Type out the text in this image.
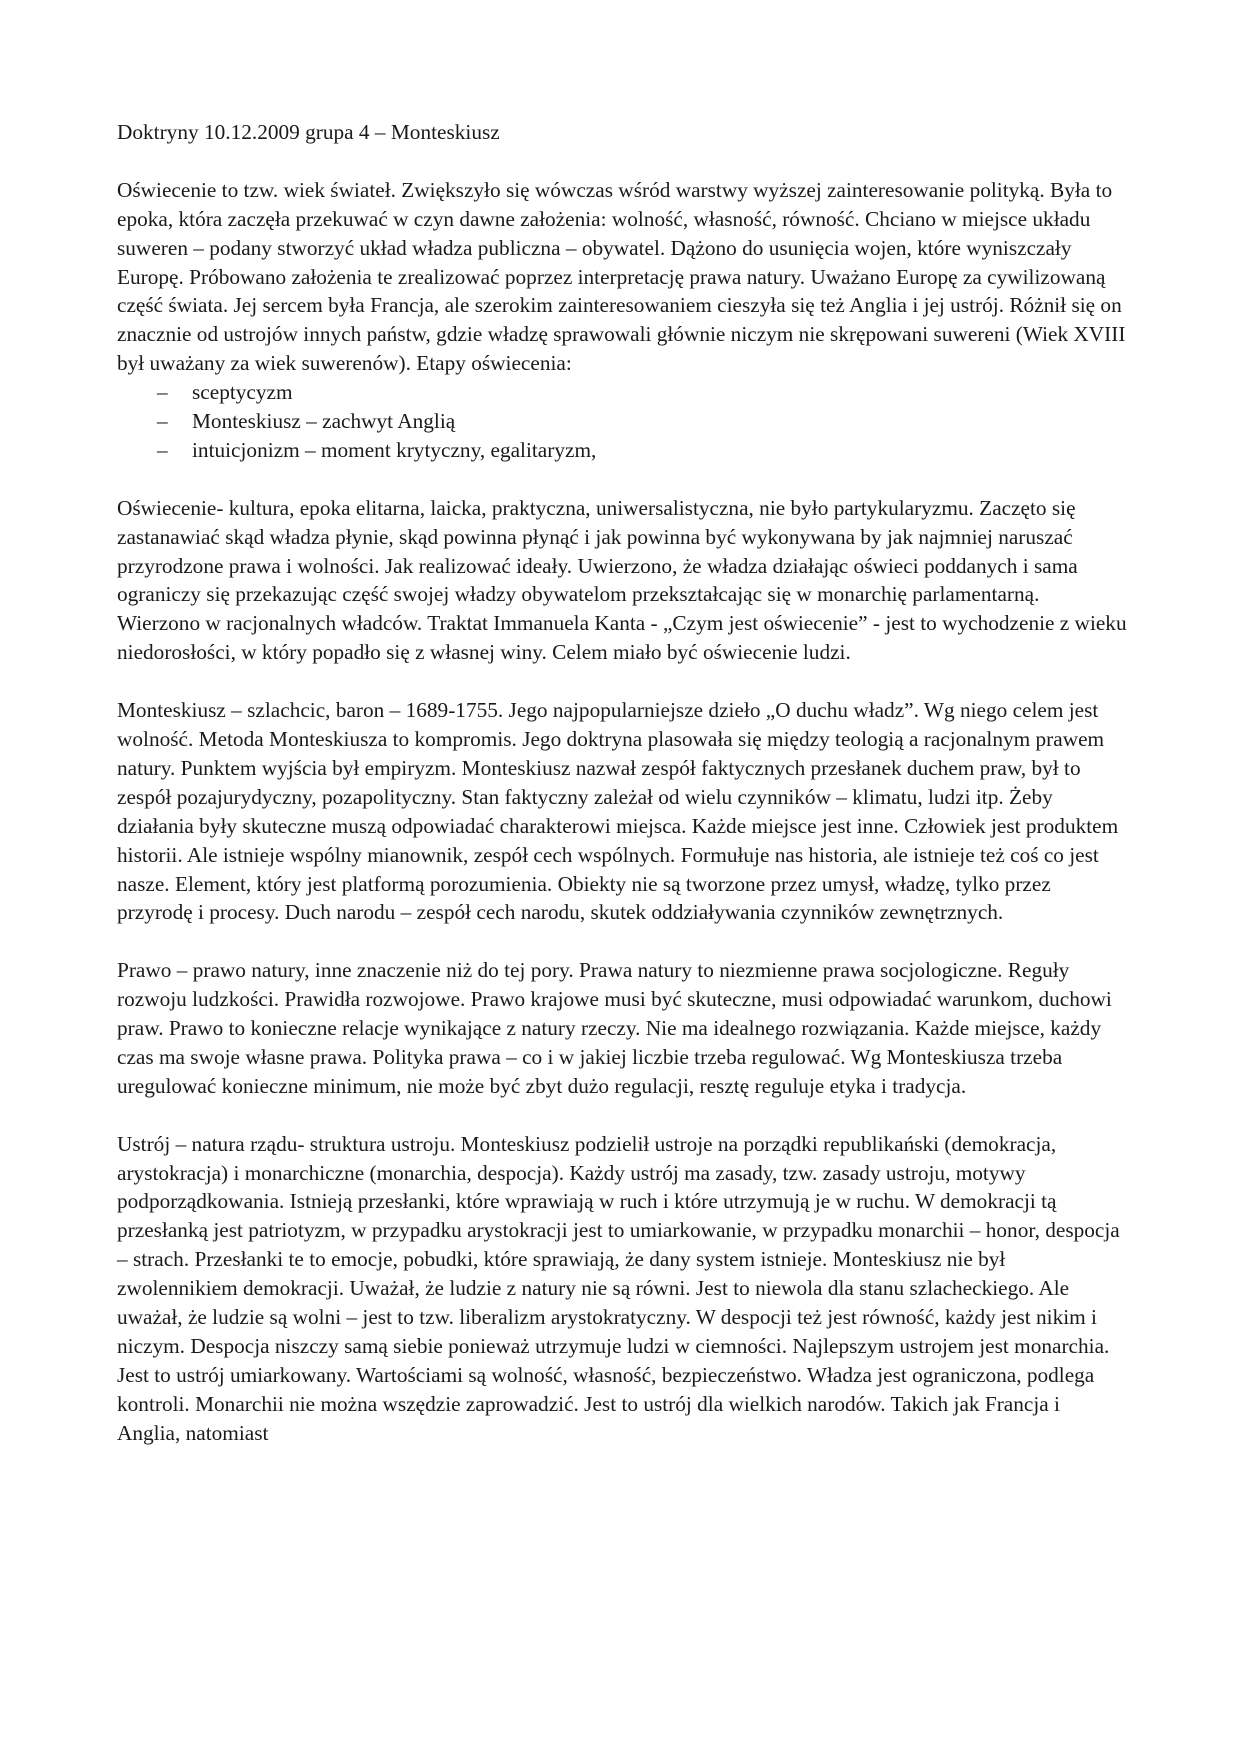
Doktryny 10.12.2009 grupa 4 – Monteskiusz

Oświecenie to tzw. wiek świateł. Zwiększyło się wówczas wśród warstwy wyższej zainteresowanie polityką. Była to epoka, która zaczęła przekuwać w czyn dawne założenia: wolność, własność, równość. Chciano w miejsce układu suweren – podany stworzyć układ władza publiczna – obywatel. Dążono do usunięcia wojen, które wyniszczały Europę. Próbowano założenia te zrealizować poprzez interpretację prawa natury. Uważano Europę za cywilizowaną część świata. Jej sercem była Francja, ale szerokim zainteresowaniem cieszyła się też Anglia i jej ustrój. Różnił się on znacznie od ustrojów innych państw, gdzie władzę sprawowali głównie niczym nie skrępowani suwereni (Wiek XVIII był uważany za wiek suwerenów). Etapy oświecenia:

– sceptycyzm
– Monteskiusz – zachwyt Anglią
– intuicjonizm – moment krytyczny, egalitaryzm,

Oświecenie- kultura, epoka elitarna, laicka, praktyczna, uniwersalistyczna, nie było partykularyzmu. Zaczęto się zastanawiać skąd władza płynie, skąd powinna płynąć i jak powinna być wykonywana by jak najmniej naruszać przyrodzone prawa i wolności. Jak realizować ideały. Uwierzono, że władza działając oświeci poddanych i sama ograniczy się przekazując część swojej władzy obywatelom przekształcając się w monarchię parlamentarną. Wierzono w racjonalnych władców. Traktat Immanuela Kanta - „Czym jest oświecenie” - jest to wychodzenie z wieku niedorosłości, w który popadło się z własnej winy. Celem miało być oświecenie ludzi.

Monteskiusz – szlachcic, baron – 1689-1755. Jego najpopularniejsze dzieło „O duchu władz”. Wg niego celem jest wolność. Metoda Monteskiusza to kompromis. Jego doktryna plasowała się między teologią a racjonalnym prawem natury. Punktem wyjścia był empiryzm. Monteskiusz nazwał zespół faktycznych przesłanek duchem praw, był to zespół pozajurydyczny, pozapolityczny. Stan faktyczny zależał od wielu czynników – klimatu, ludzi itp. Żeby działania były skuteczne muszą odpowiadać charakterowi miejsca. Każde miejsce jest inne. Człowiek jest produktem historii. Ale istnieje wspólny mianownik, zespół cech wspólnych. Formułuje nas historia, ale istnieje też coś co jest nasze. Element, który jest platformą porozumienia. Obiekty nie są tworzone przez umysł, władzę, tylko przez przyrodę i procesy. Duch narodu – zespół cech narodu, skutek oddziaływania czynników zewnętrznych.

Prawo – prawo natury, inne znaczenie niż do tej pory. Prawa natury to niezmienne prawa socjologiczne. Reguły rozwoju ludzkości. Prawidła rozwojowe. Prawo krajowe musi być skuteczne, musi odpowiadać warunkom, duchowi praw. Prawo to konieczne relacje wynikające z natury rzeczy. Nie ma idealnego rozwiązania. Każde miejsce, każdy czas ma swoje własne prawa. Polityka prawa – co i w jakiej liczbie trzeba regulować. Wg Monteskiusza trzeba uregulować konieczne minimum, nie może być zbyt dużo regulacji, resztę reguluje etyka i tradycja.

Ustrój – natura rządu- struktura ustroju. Monteskiusz podzielił ustroje na porządki republikański (demokracja, arystokracja) i monarchiczne (monarchia, despocja). Każdy ustrój ma zasady, tzw. zasady ustroju, motywy podporządkowania. Istnieją przesłanki, które wprawiają w ruch i które utrzymują je w ruchu. W demokracji tą przesłanką jest patriotyzm, w przypadku arystokracji jest to umiarkowanie, w przypadku monarchii – honor, despocja – strach. Przesłanki te to emocje, pobudki, które sprawiają, że dany system istnieje. Monteskiusz nie był zwolennikiem demokracji. Uważał, że ludzie z natury nie są równi. Jest to niewola dla stanu szlacheckiego. Ale uważał, że ludzie są wolni – jest to tzw. liberalizm arystokratyczny. W despocji też jest równość, każdy jest nikim i niczym. Despocja niszczy samą siebie ponieważ utrzymuje ludzi w ciemności. Najlepszym ustrojem jest monarchia. Jest to ustrój umiarkowany. Wartościami są wolność, własność, bezpieczeństwo. Władza jest ograniczona, podlega kontroli. Monarchii nie można wszędzie zaprowadzić. Jest to ustrój dla wielkich narodów. Takich jak Francja i Anglia, natomiast
